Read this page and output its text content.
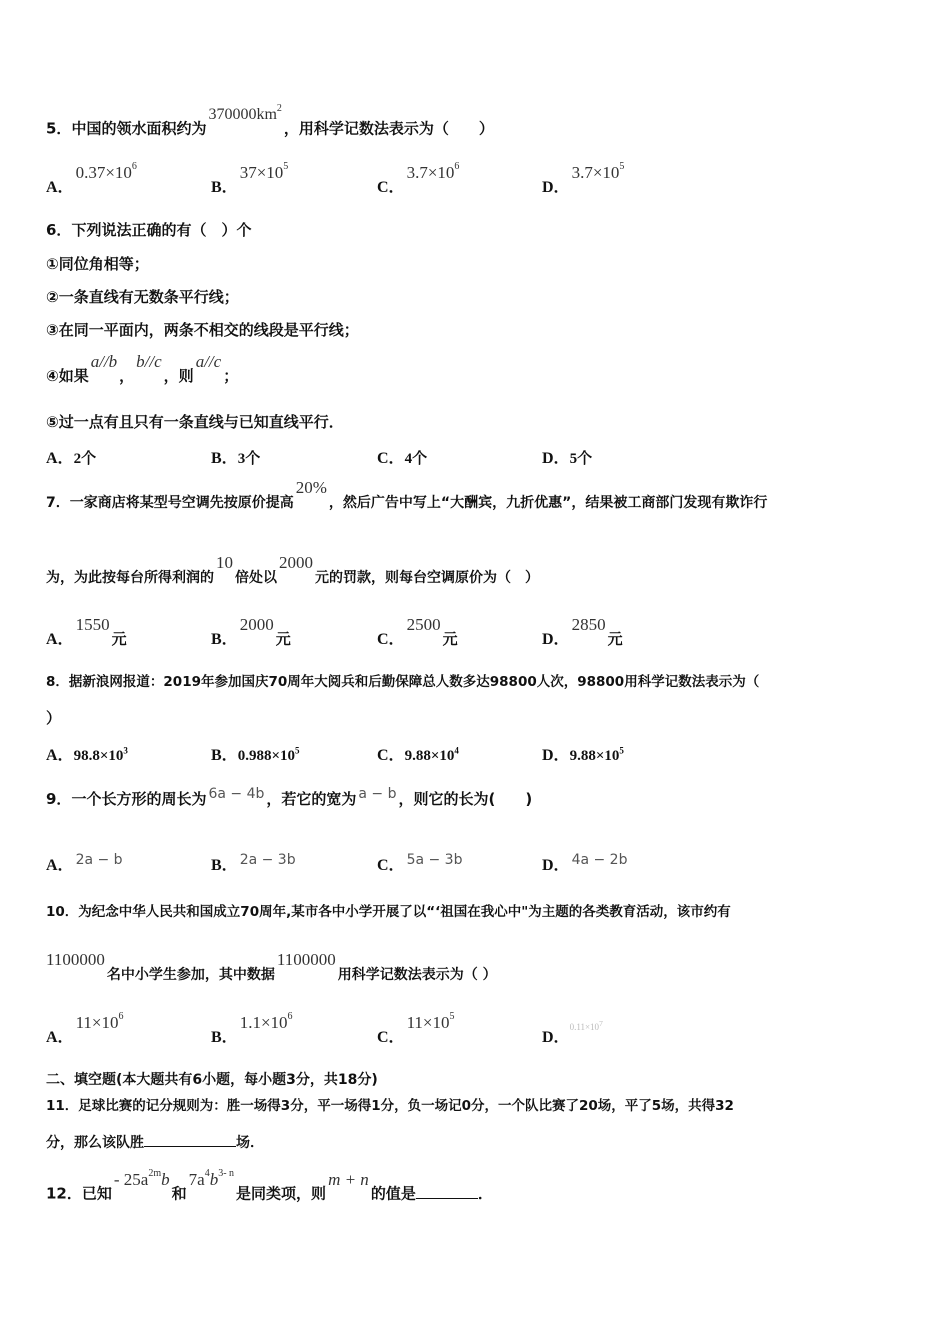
5．中国的领水面积约为$370000km^2$，用科学记数法表示为（　　）
A．$0.37\times 10^6$
B．$37\times 10^5$
C．$3.7\times 10^6$
D．$3.7\times 10^5$
6．下列说法正确的有（　）个
①同位角相等；
②一条直线有无数条平行线；
③在同一平面内，两条不相交的线段是平行线；
④如果a//b，b//c，则a//c；
⑤过一点有且只有一条直线与已知直线平行．
A．2个	B．3个	C．4个	D．5个
7．一家商店将某型号空调先按原价提高20%，然后广告中写上“大酬宾，九折优惠”，结果被工商部门发现有欺诈行
为，为此按每台所得利润的10倍处以2000元的罚款，则每台空调原价为（　）
A．1550元	B．2000元	C．2500元	D．2850元
8．据新浪网报道：2019年参加国庆70周年大阅兵和后勤保障总人数多达98800人次，98800用科学记数法表示为（
）
A．$98.8\times 10^3$	B．$0.988\times 10^5$	C．$9.88\times 10^4$	D．$9.88\times 10^5$
9．一个长方形的周长为 6a − 4b ，若它的宽为 a − b ，则它的长为(　　)
A． 2a − b	B． 2a − 3b	C． 5a − 3b	D． 4a − 2b
10．为纪念中华人民共和国成立70周年,某市各中小学开展了以“‘祖国在我心中"为主题的各类教育活动，该市约有
1100000名中小学生参加，其中数据1100000用科学记数法表示为（ ）
A．$11\times 10^6$
B．$1.1\times 10^6$
C．$11\times 10^5$
D．$^{0.11\times 10^7}$
二、填空题(本大题共有6小题，每小题3分，共18分)
11．足球比赛的记分规则为：胜一场得3分，平一场得1分，负一场记0分，一个队比赛了20场，平了5场，共得32
分，那么该队胜	场．
12．已知- $25a^{2m}b$和$7a^4b^{3- n}$是同类项，则m + n的值是	．
